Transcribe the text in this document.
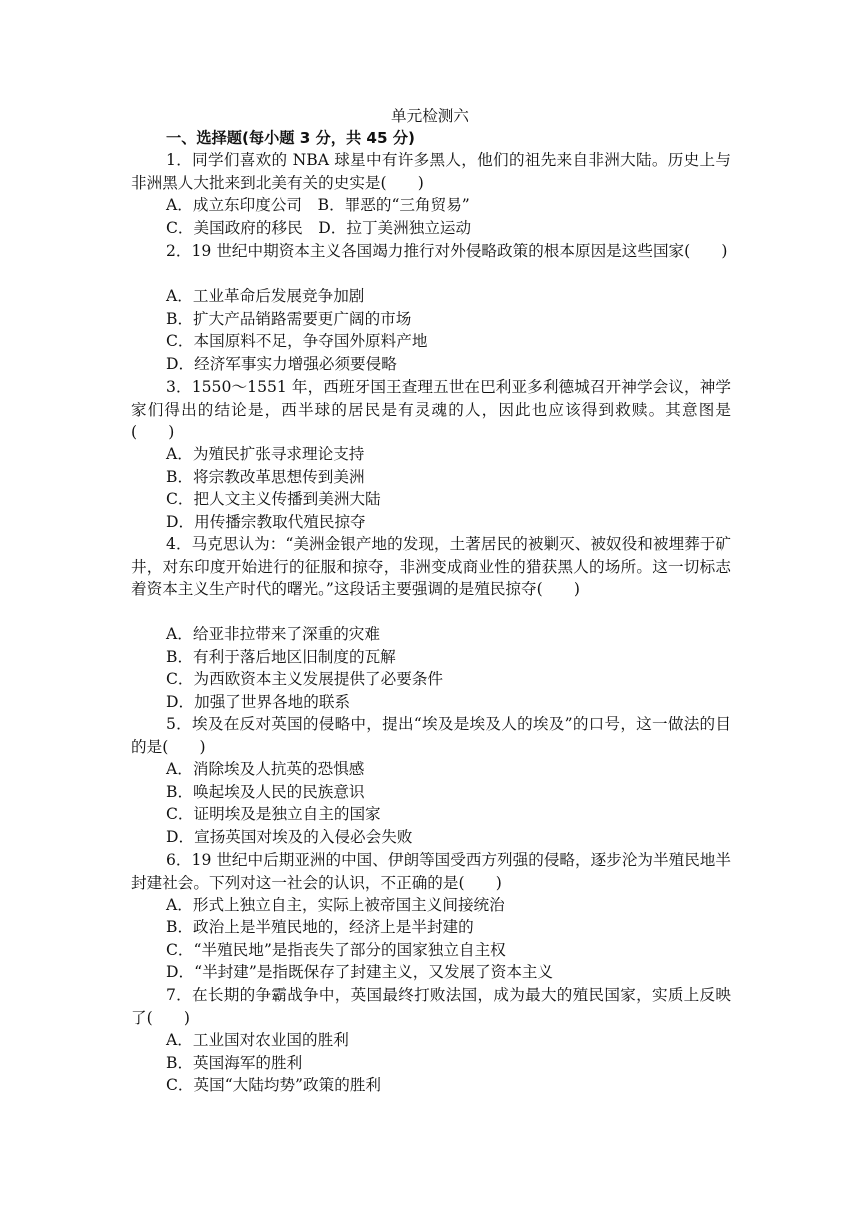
单元检测六
一、选择题(每小题 3 分，共 45 分)
1．同学们喜欢的 NBA 球星中有许多黑人，他们的祖先来自非洲大陆。历史上与非洲黑人大批来到北美有关的史实是(　　)
A．成立东印度公司　B．罪恶的“三角贸易”
C．美国政府的移民　D．拉丁美洲独立运动
2．19 世纪中期资本主义各国竭力推行对外侵略政策的根本原因是这些国家(　　)
A．工业革命后发展竞争加剧
B．扩大产品销路需要更广阔的市场
C．本国原料不足，争夺国外原料产地
D．经济军事实力增强必须要侵略
3．1550～1551 年，西班牙国王查理五世在巴利亚多利德城召开神学会议，神学家们得出的结论是，西半球的居民是有灵魂的人，因此也应该得到救赎。其意图是(　　)
A．为殖民扩张寻求理论支持
B．将宗教改革思想传到美洲
C．把人文主义传播到美洲大陆
D．用传播宗教取代殖民掠夺
4．马克思认为：“美洲金银产地的发现，土著居民的被剿灭、被奴役和被埋葬于矿井，对东印度开始进行的征服和掠夺，非洲变成商业性的猎获黑人的场所。这一切标志着资本主义生产时代的曙光。”这段话主要强调的是殖民掠夺(　　)
A．给亚非拉带来了深重的灾难
B．有利于落后地区旧制度的瓦解
C．为西欧资本主义发展提供了必要条件
D．加强了世界各地的联系
5．埃及在反对英国的侵略中，提出“埃及是埃及人的埃及”的口号，这一做法的目的是(　　)
A．消除埃及人抗英的恐惧感
B．唤起埃及人民的民族意识
C．证明埃及是独立自主的国家
D．宣扬英国对埃及的入侵必会失败
6．19 世纪中后期亚洲的中国、伊朗等国受西方列强的侵略，逐步沦为半殖民地半封建社会。下列对这一社会的认识，不正确的是(　　)
A．形式上独立自主，实际上被帝国主义间接统治
B．政治上是半殖民地的，经济上是半封建的
C．“半殖民地”是指丧失了部分的国家独立自主权
D．“半封建”是指既保存了封建主义，又发展了资本主义
7．在长期的争霸战争中，英国最终打败法国，成为最大的殖民国家，实质上反映了(　　)
A．工业国对农业国的胜利
B．英国海军的胜利
C．英国“大陆均势”政策的胜利
